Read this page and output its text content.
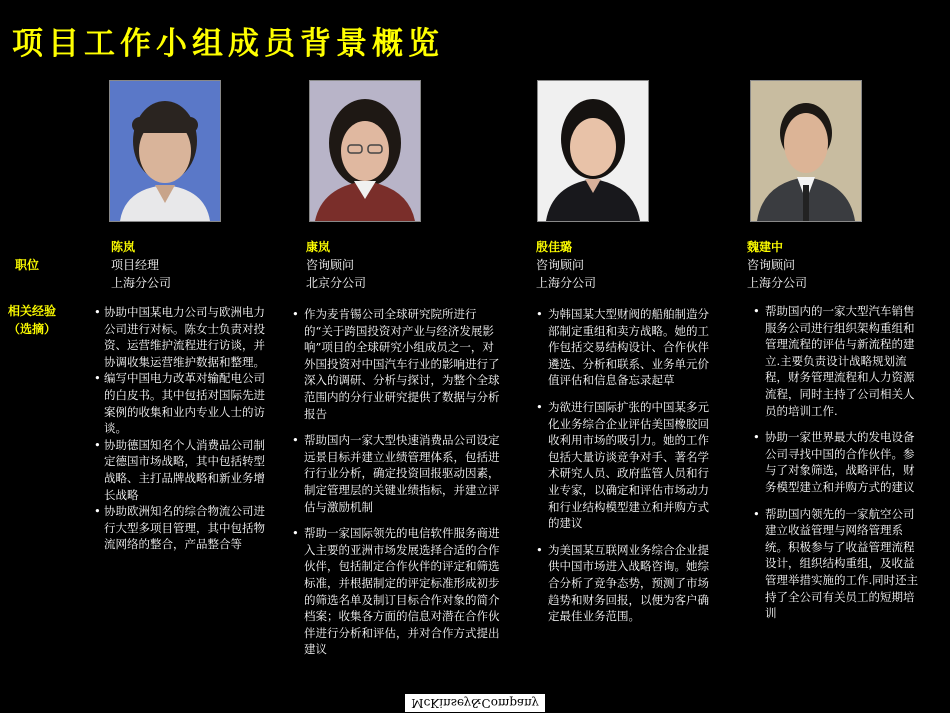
项目工作小组成员背景概览
职位
相关经验
（选摘）
陈岚
项目经理
上海分公司
康岚
咨询顾问
北京分公司
殷佳璐
咨询顾问
上海分公司
魏建中
咨询顾问
上海分公司
• 协助中国某电力公司与欧洲电力公司进行对标。陈女士负责对投资、运营维护流程进行访谈，并协调收集运营维护数据和整理。
• 编写中国电力改革对输配电公司的白皮书。其中包括对国际先进案例的收集和业内专业人士的访谈。
• 协助德国知名个人消费品公司制定德国市场战略，其中包括转型战略、主打品牌战略和新业务增长战略
• 协助欧洲知名的综合物流公司进行大型多项目管理，其中包括物流网络的整合，产品整合等
• 作为麦肯锡公司全球研究院所进行的“关于跨国投资对产业与经济发展影响”项目的全球研究小组成员之一，对外国投资对中国汽车行业的影响进行了深入的调研、分析与探讨，为整个全球范围内的分行业研究提供了数据与分析报告
• 帮助国内一家大型快速消费品公司设定远景目标并建立业绩管理体系，包括进行行业分析，确定投资回报驱动因素，制定管理层的关键业绩指标，并建立评估与激励机制
• 帮助一家国际领先的电信软件服务商进入主要的亚洲市场发展选择合适的合作伙伴，包括制定合作伙伴的评定和筛选标准，并根据制定的评定标准形成初步的筛选名单及制订目标合作对象的简介档案；收集各方面的信息对潜在合作伙伴进行分析和评估，并对合作方式提出建议
• 为韩国某大型财阀的船舶制造分部制定重组和卖方战略。她的工作包括交易结构设计、合作伙伴遴选、分析和联系、业务单元价值评估和信息备忘录起草
• 为欲进行国际扩张的中国某多元化业务综合企业评估美国橡胶回收利用市场的吸引力。她的工作包括大量访谈竞争对手、著名学术研究人员、政府监管人员和行业专家，以确定和评估市场动力和行业结构模型建立和并购方式的建议
• 为美国某互联网业务综合企业提供中国市场进入战略咨询。她综合分析了竞争态势，预测了市场趋势和财务回报，以便为客户确定最佳业务范围。
• 帮助国内的一家大型汽车销售服务公司进行组织架构重组和管理流程的评估与新流程的建立.主要负责设计战略规划流程，财务管理流程和人力资源流程，同时主持了公司相关人员的培训工作.
• 协助一家世界最大的发电设备公司寻找中国的合作伙伴。参与了对象筛选，战略评估，财务模型建立和并购方式的建议
• 帮助国内领先的一家航空公司建立收益管理与网络管理系统。积极参与了收益管理流程设计，组织结构重组，及收益管理举措实施的工作.同时还主持了全公司有关员工的短期培训
McKinsey&Company
